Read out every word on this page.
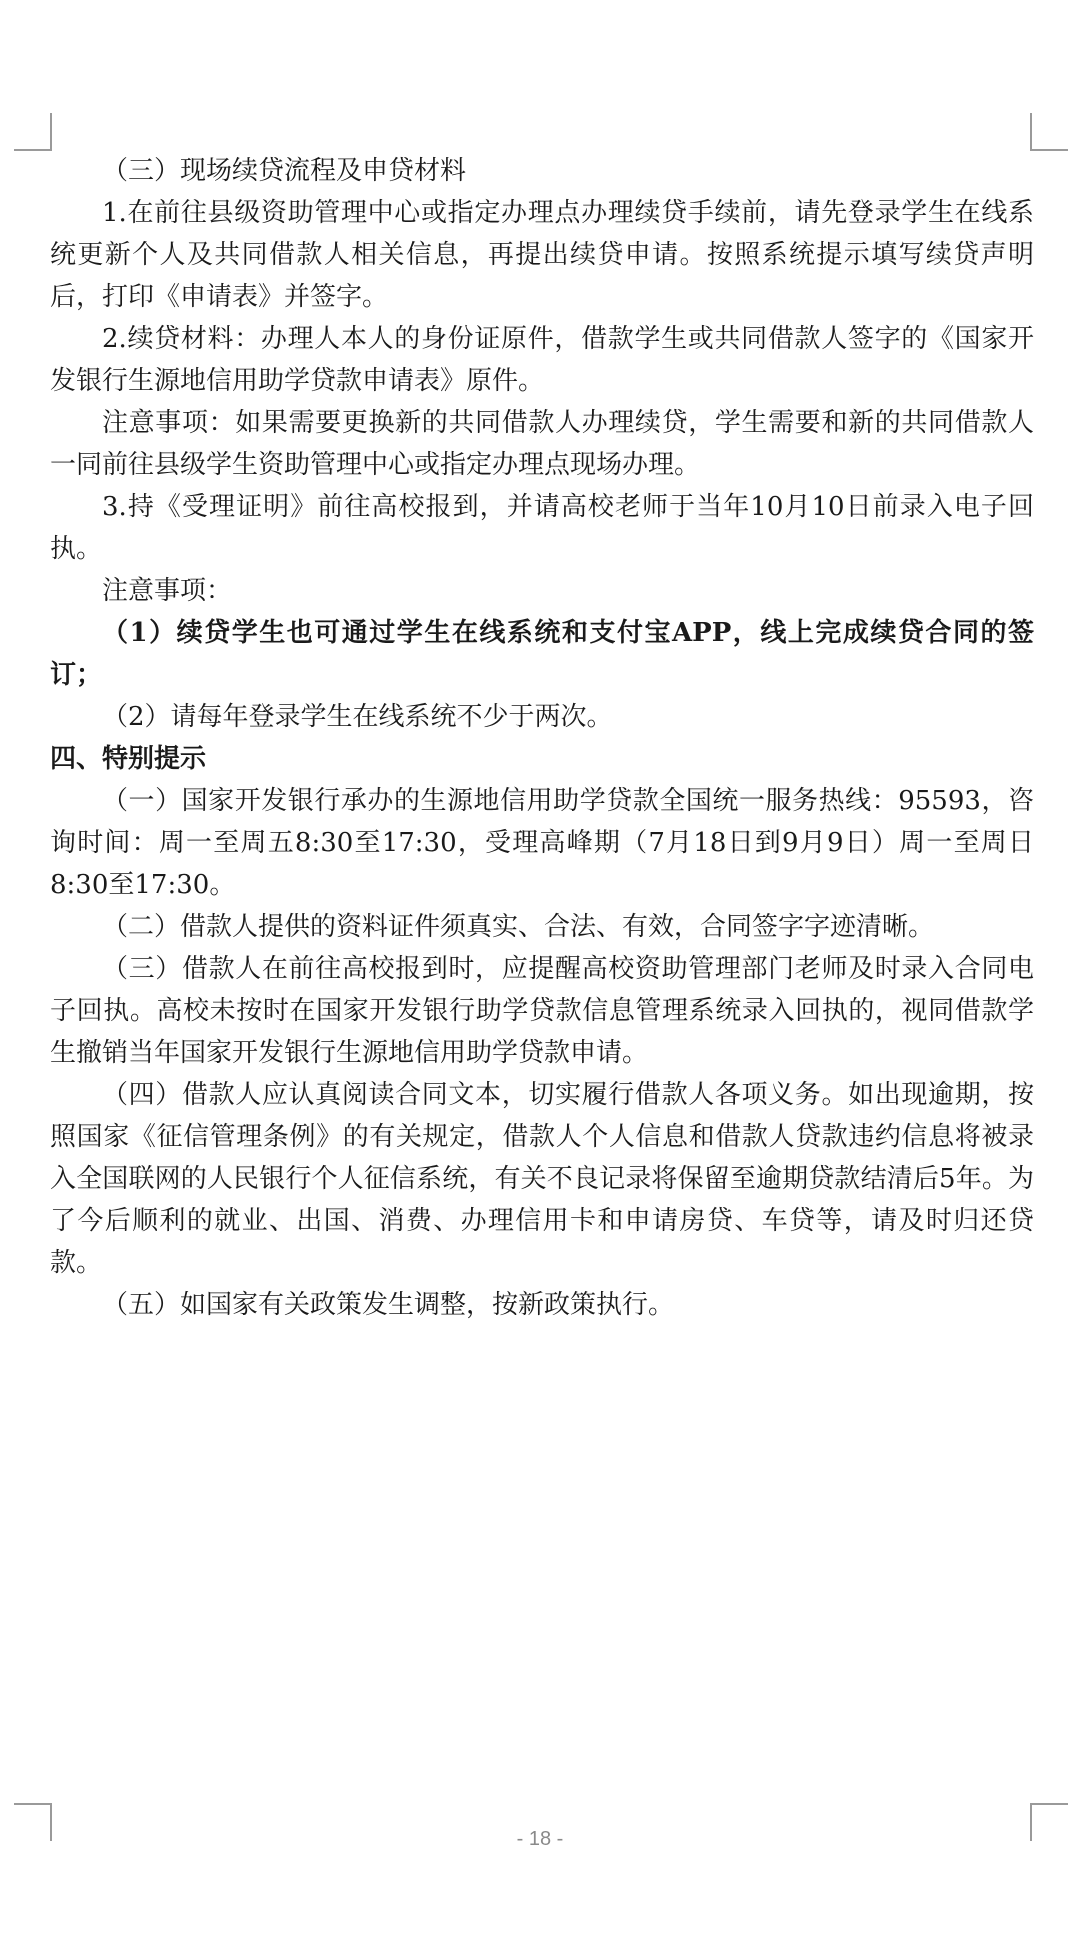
（三）现场续贷流程及申贷材料

1.在前往县级资助管理中心或指定办理点办理续贷手续前，请先登录学生在线系统更新个人及共同借款人相关信息，再提出续贷申请。按照系统提示填写续贷声明后，打印《申请表》并签字。

2.续贷材料：办理人本人的身份证原件，借款学生或共同借款人签字的《国家开发银行生源地信用助学贷款申请表》原件。

注意事项：如果需要更换新的共同借款人办理续贷，学生需要和新的共同借款人一同前往县级学生资助管理中心或指定办理点现场办理。

3.持《受理证明》前往高校报到，并请高校老师于当年10月10日前录入电子回执。

注意事项：

（1）续贷学生也可通过学生在线系统和支付宝APP，线上完成续贷合同的签订；

（2）请每年登录学生在线系统不少于两次。

四、特别提示

（一）国家开发银行承办的生源地信用助学贷款全国统一服务热线：95593，咨询时间：周一至周五8:30至17:30，受理高峰期（7月18日到9月9日）周一至周日8:30至17:30。

（二）借款人提供的资料证件须真实、合法、有效，合同签字字迹清晰。

（三）借款人在前往高校报到时，应提醒高校资助管理部门老师及时录入合同电子回执。高校未按时在国家开发银行助学贷款信息管理系统录入回执的，视同借款学生撤销当年国家开发银行生源地信用助学贷款申请。

（四）借款人应认真阅读合同文本，切实履行借款人各项义务。如出现逾期，按照国家《征信管理条例》的有关规定，借款人个人信息和借款人贷款违约信息将被录入全国联网的人民银行个人征信系统，有关不良记录将保留至逾期贷款结清后5年。为了今后顺利的就业、出国、消费、办理信用卡和申请房贷、车贷等，请及时归还贷款。

（五）如国家有关政策发生调整，按新政策执行。

- 18 -
